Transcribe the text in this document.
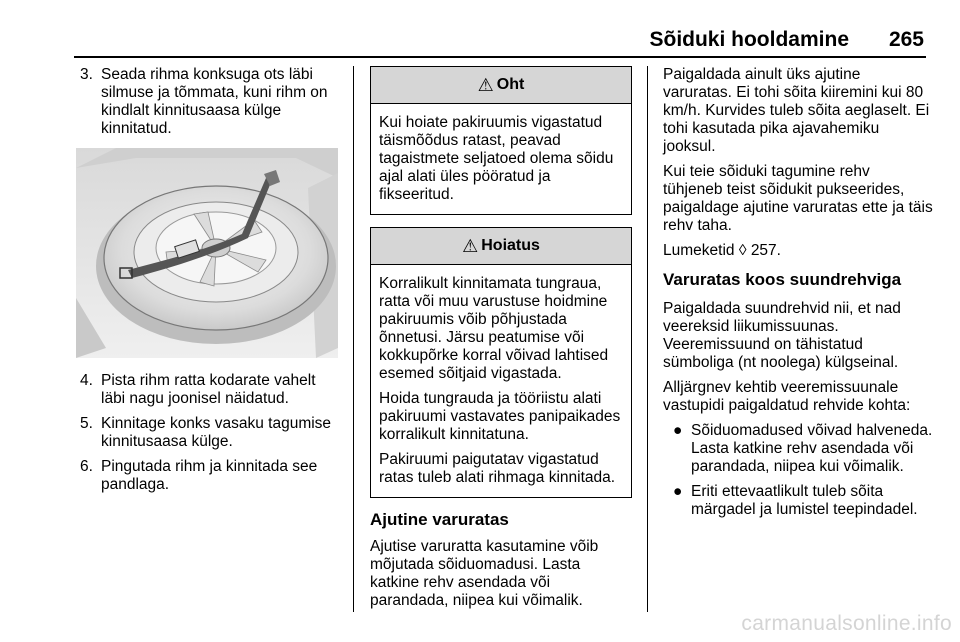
Sõiduki hooldamine 265
3. Seada rihma konksuga ots läbi silmuse ja tõmmata, kuni rihm on kindlalt kinnitusaasa külge kinnitatud.
4. Pista rihm ratta kodarate vahelt läbi nagu joonisel näidatud.
5. Kinnitage konks vasaku tagumise kinnitusaasa külge.
6. Pingutada rihm ja kinnitada see pandlaga.
⚠ Oht

Kui hoiate pakiruumis vigastatud täismõõdus ratast, peavad tagaistmete seljatoed olema sõidu ajal alati üles pööratud ja fikseeritud.

⚠ Hoiatus

Korralikult kinnitamata tungraua, ratta või muu varustuse hoidmine pakiruumis võib põhjustada õnnetusi. Järsu peatumise või kokkupõrke korral võivad lahtised esemed sõitjaid vigastada.

Hoida tungrauda ja tööriistu alati pakiruumi vastavates panipaikades korralikult kinnitatuna.

Pakiruumi paigutatav vigastatud ratas tuleb alati rihmaga kinnitada.

Ajutine varuratas

Ajutise varuratta kasutamine võib mõjutada sõiduomadusi. Lasta katkine rehv asendada või parandada, niipea kui võimalik.

Paigaldada ainult üks ajutine varuratas. Ei tohi sõita kiiremini kui 80 km/h. Kurvides tuleb sõita aeglaselt. Ei tohi kasutada pika ajavahemiku jooksul.

Kui teie sõiduki tagumine rehv tühjeneb teist sõidukit pukseerides, paigaldage ajutine varuratas ette ja täis rehv taha.

Lumeketid ◊ 257.

Varuratas koos suundrehviga

Paigaldada suundrehvid nii, et nad veereksid liikumissuunas. Veeremissuund on tähistatud sümboliga (nt noolega) külgseinal.

Alljärgnev kehtib veeremissuunale vastupidi paigaldatud rehvide kohta:

● Sõiduomadused võivad halveneda. Lasta katkine rehv asendada või parandada, niipea kui võimalik.
● Eriti ettevaatlikult tuleb sõita märgadel ja lumistel teepindadel.
carmanualsonline.info
